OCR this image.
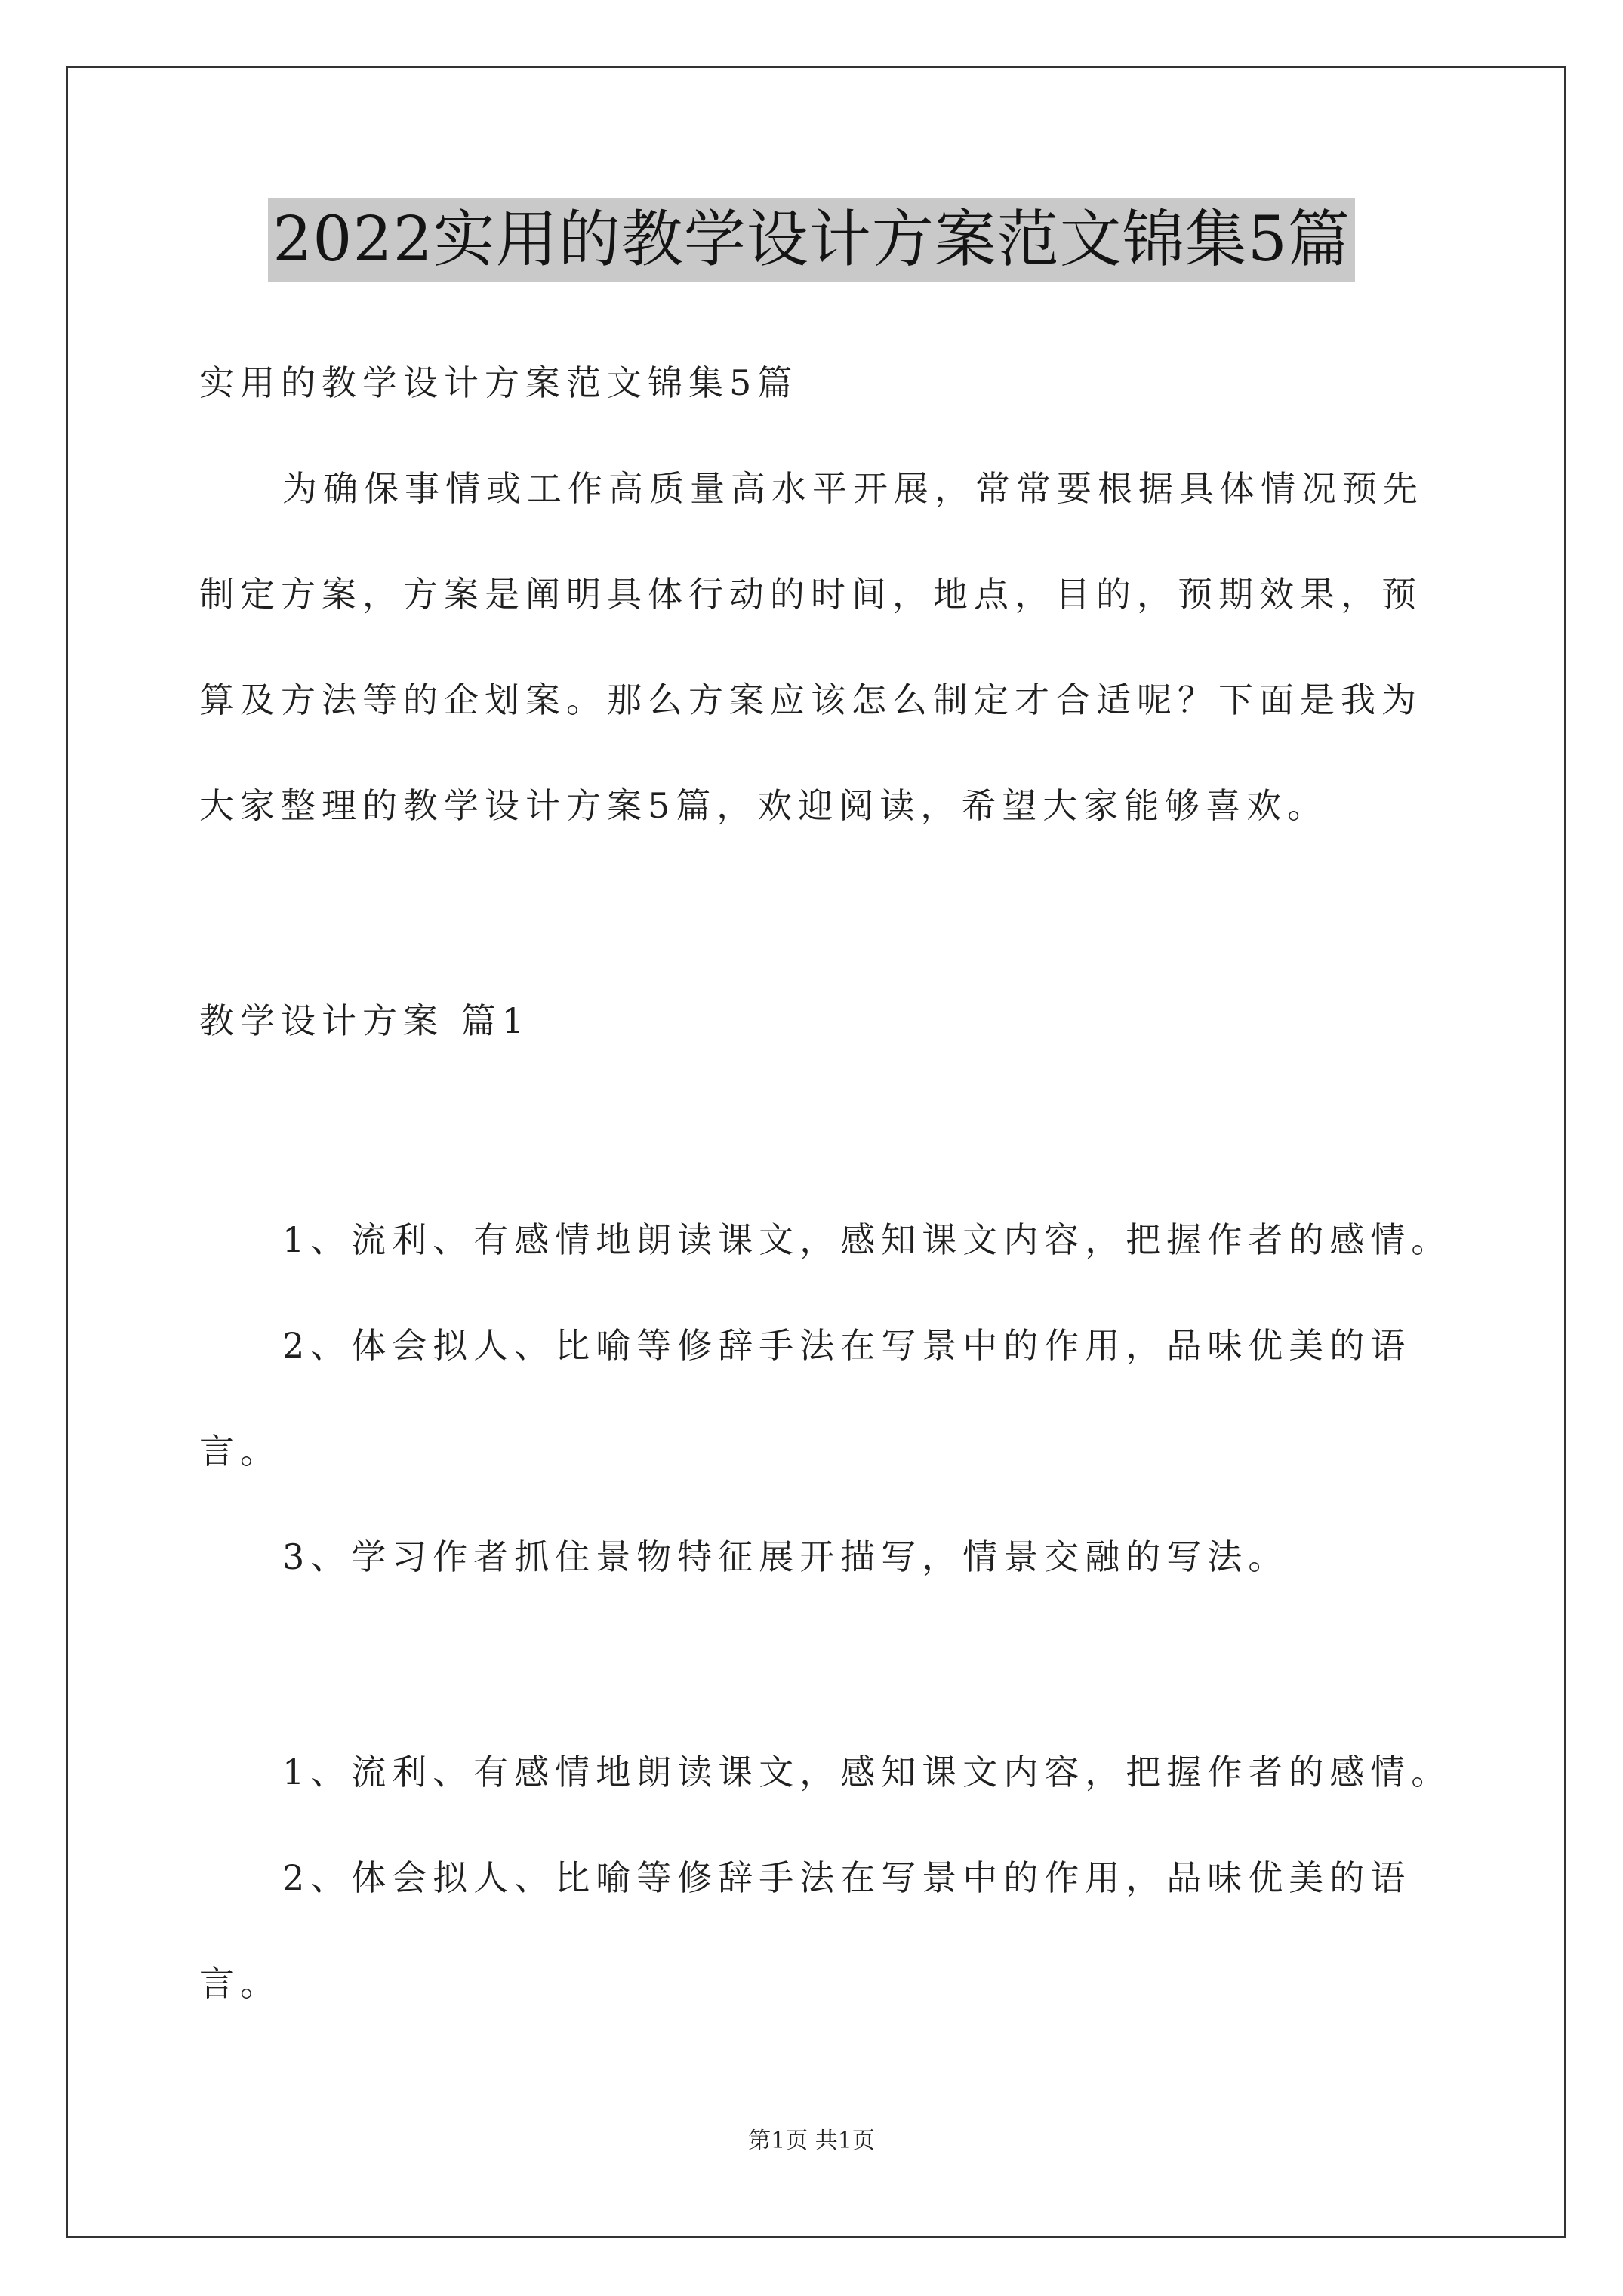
2022实用的教学设计方案范文锦集5篇
实用的教学设计方案范文锦集5篇
为确保事情或工作高质量高水平开展，常常要根据具体情况预先
制定方案，方案是阐明具体行动的时间，地点，目的，预期效果，预
算及方法等的企划案。那么方案应该怎么制定才合适呢？下面是我为
大家整理的教学设计方案5篇，欢迎阅读，希望大家能够喜欢。
教学设计方案 篇1
1、流利、有感情地朗读课文，感知课文内容，把握作者的感情。
2、体会拟人、比喻等修辞手法在写景中的作用，品味优美的语
言。
3、学习作者抓住景物特征展开描写，情景交融的写法。
1、流利、有感情地朗读课文，感知课文内容，把握作者的感情。
2、体会拟人、比喻等修辞手法在写景中的作用，品味优美的语
言。
第1页 共1页
